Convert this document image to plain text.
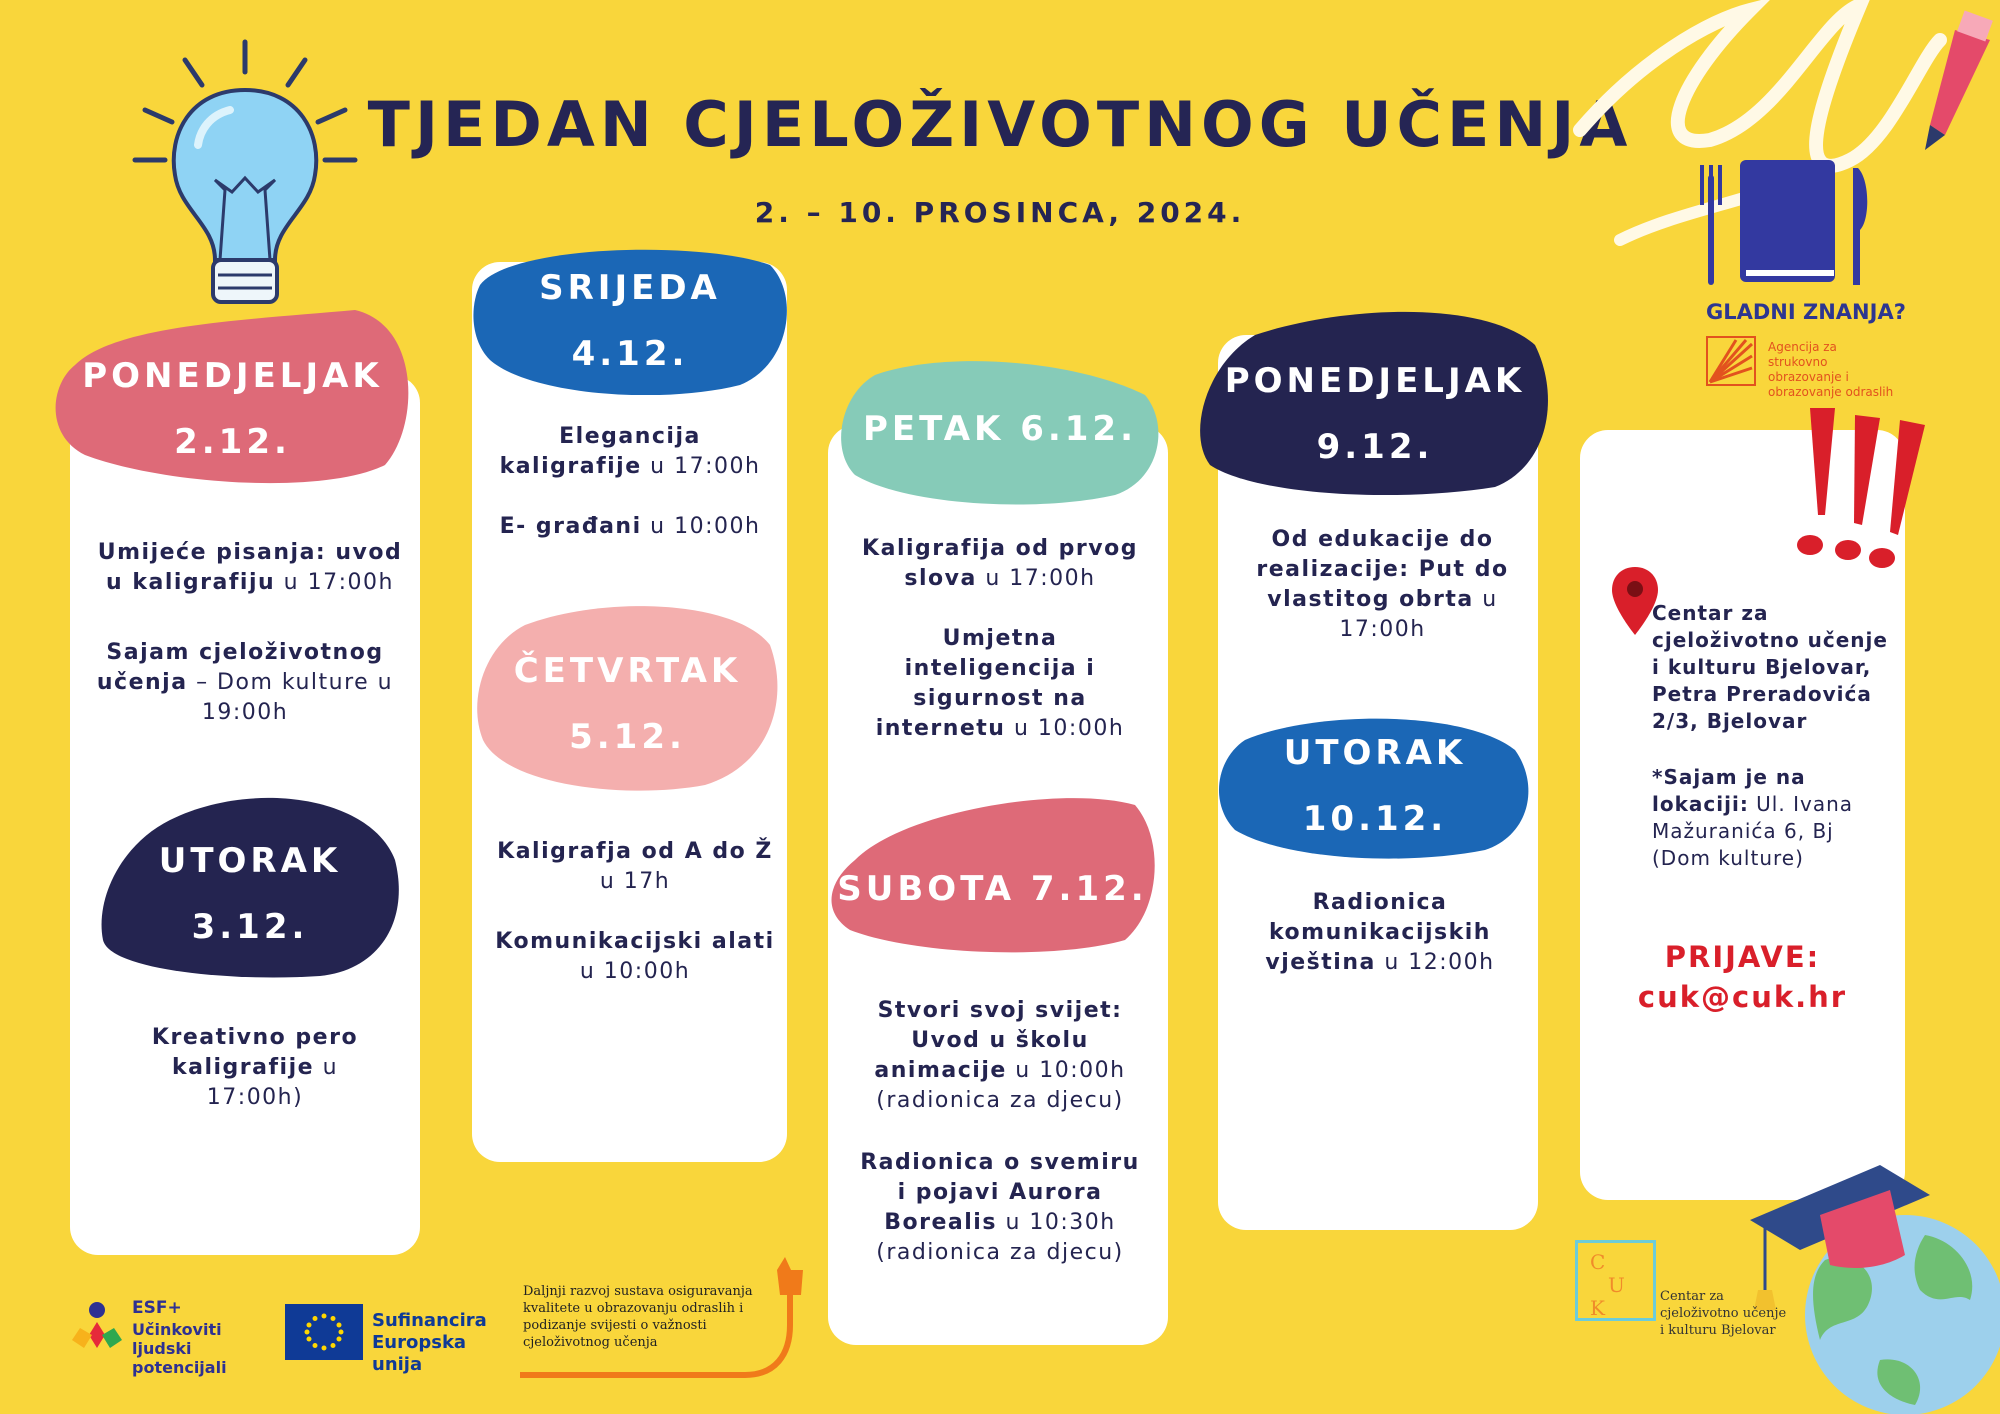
TJEDAN CJELOŽIVOTNOG UČENJA
2. – 10. PROSINCA, 2024.
GLADNI ZNANJA?
Agencija za strukovno obrazovanje i obrazovanje odraslih
PONEDJELJAK
2.12.
Umijeće pisanja: uvod u kaligrafiju u 17:00h
Sajam cjeloživotnog učenja – Dom kulture u 19:00h
UTORAK
3.12.
Kreativno pero kaligrafije u 17:00h)
SRIJEDA
4.12.
Elegancija kaligrafije u 17:00h
E- građani u 10:00h
ČETVRTAK
5.12.
Kaligrafja od A do Ž u 17h
Komunikacijski alati u 10:00h
PETAK 6.12.
Kaligrafija od prvog slova u 17:00h
Umjetna inteligencija i sigurnost na internetu u 10:00h
SUBOTA 7.12.
Stvori svoj svijet: Uvod u školu animacije u 10:00h (radionica za djecu)
Radionica o svemiru i pojavi Aurora Borealis u 10:30h (radionica za djecu)
PONEDJELJAK
9.12.
Od edukacije do realizacije: Put do vlastitog obrta u 17:00h
UTORAK
10.12.
Radionica komunikacijskih vještina u 12:00h
Centar za cjeloživotno učenje i kulturu Bjelovar, Petra Preradovića 2/3, Bjelovar
*Sajam je na lokaciji: Ul. Ivana Mažuranića 6, Bj (Dom kulture)
PRIJAVE:
cuk@cuk.hr
C
U
K	Centar za cjeloživotno učenje i kulturu Bjelovar
ESF+
Učinkoviti ljudski potencijali
Sufinancira Europska unija
Daljnji razvoj sustava osiguravanja kvalitete u obrazovanju odraslih i podizanje svijesti o važnosti cjeloživotnog učenja
